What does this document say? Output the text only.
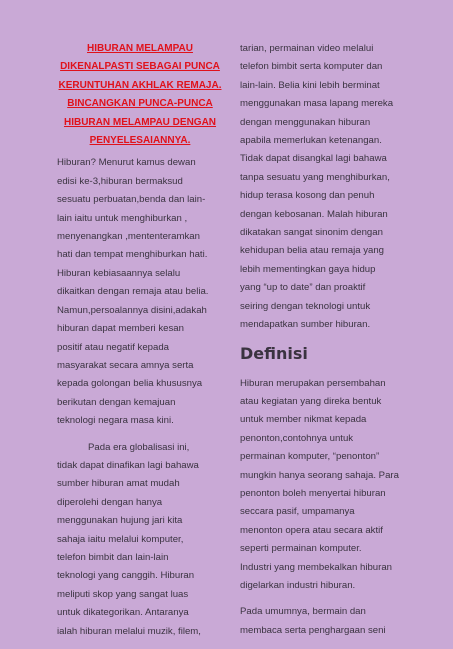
HIBURAN MELAMPAU
DIKENALPASTI SEBAGAI PUNCA
KERUNTUHAN AKHLAK REMAJA.
BINCANGKAN PUNCA-PUNCA
HIBURAN MELAMPAU DENGAN
PENYELESAIANNYA.

Hiburan? Menurut kamus dewan
edisi ke-3,hiburan bermaksud
sesuatu perbuatan,benda dan lain-
lain iaitu untuk menghiburkan ,
menyenangkan ,mententeramkan
hati dan tempat menghiburkan hati.
Hiburan kebiasaannya selalu
dikaitkan dengan remaja atau belia.
Namun,persoalannya disini,adakah
hiburan dapat memberi kesan
positif atau negatif kepada
masyarakat secara amnya serta
kepada golongan belia khususnya
berikutan dengan kemajuan
teknologi negara masa kini.

Pada era globalisasi ini,
tidak dapat dinafikan lagi bahawa
sumber hiburan amat mudah
diperolehi dengan hanya
menggunakan hujung jari kita
sahaja iaitu melalui komputer,
telefon bimbit dan lain-lain
teknologi yang canggih. Hiburan
meliputi skop yang sangat luas
untuk dikategorikan. Antaranya
ialah hiburan melalui muzik, filem,

tarian, permainan video melalui
telefon bimbit serta komputer dan
lain-lain. Belia kini lebih berminat
menggunakan masa lapang mereka
dengan menggunakan hiburan
apabila memerlukan ketenangan.
Tidak dapat disangkal lagi bahawa
tanpa sesuatu yang menghiburkan,
hidup terasa kosong dan penuh
dengan kebosanan. Malah hiburan
dikatakan sangat sinonim dengan
kehidupan belia atau remaja yang
lebih mementingkan gaya hidup
yang “up to date” dan proaktif
seiring dengan teknologi untuk
mendapatkan sumber hiburan.

Definisi

Hiburan merupakan persembahan
atau kegiatan yang direka bentuk
untuk member nikmat kepada
penonton,contohnya untuk
permainan komputer, “penonton”
mungkin hanya seorang sahaja. Para
penonton boleh menyertai hiburan
seccara pasif, umpamanya
menonton opera atau secara aktif
seperti permainan komputer.
Industri yang membekalkan hiburan
digelarkan industri hiburan.

Pada umumnya, bermain dan
membaca serta penghargaan seni
